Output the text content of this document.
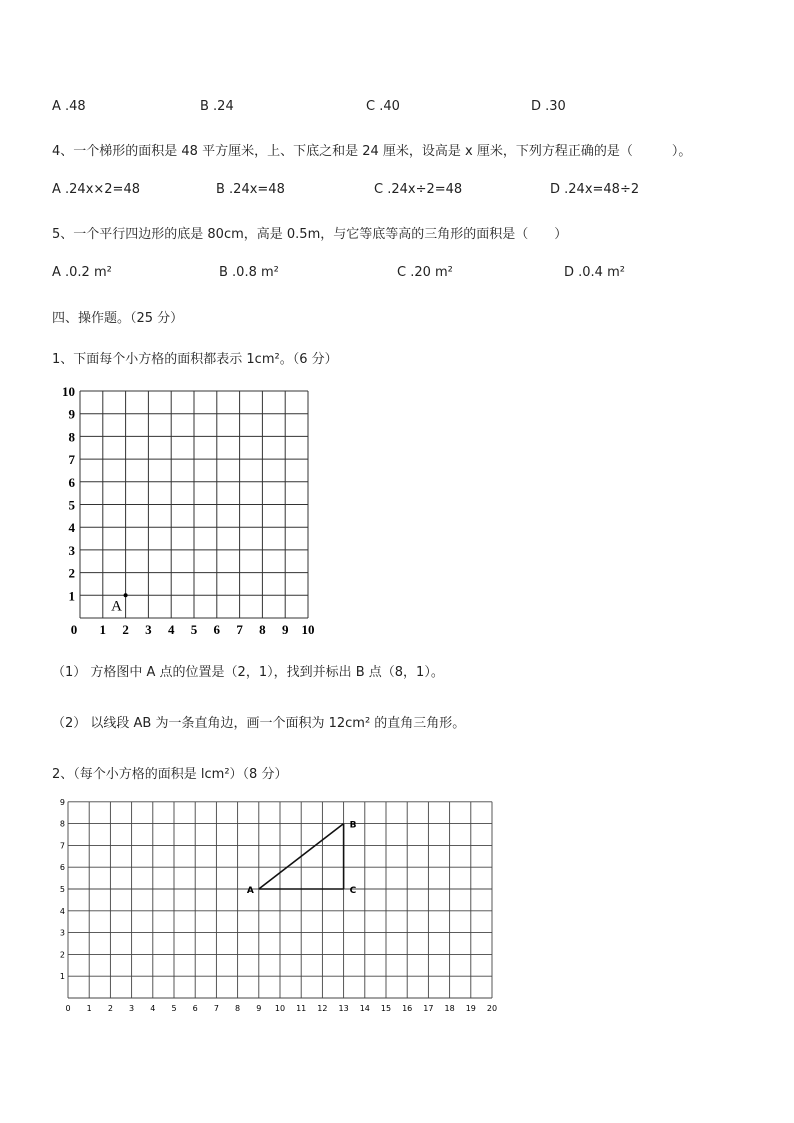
A .48	B .24	C .40	D .30
4、一个梯形的面积是 48 平方厘米，上、下底之和是 24 厘米，设高是 x 厘米，下列方程正确的是（　　　）。
A .24x×2=48	B .24x=48	C .24x÷2=48	D .24x=48÷2
5、一个平行四边形的底是 80cm，高是 0.5m，与它等底等高的三角形的面积是（　　）
A .0.2 m²	B .0.8 m²	C .20 m²	D .0.4 m²
四、操作题。（25 分）
1、下面每个小方格的面积都表示 1cm²。（6 分）
0 1 2 3 4 5 6 7 8 9 10
1
2
3
4
5
6
7
8
9
10
A
（1） 方格图中 A 点的位置是（2，1），找到并标出 B 点（8，1）。
（2） 以线段 AB 为一条直角边，画一个面积为 12cm² 的直角三角形。
2、（每个小方格的面积是 lcm²）（8 分）
0 1 2 3 4 5 6 7 8 9 10 11 12 13 14 15 16 17 18 19 20
1
2
3
4
5
6
7
8
9
A
B
C
